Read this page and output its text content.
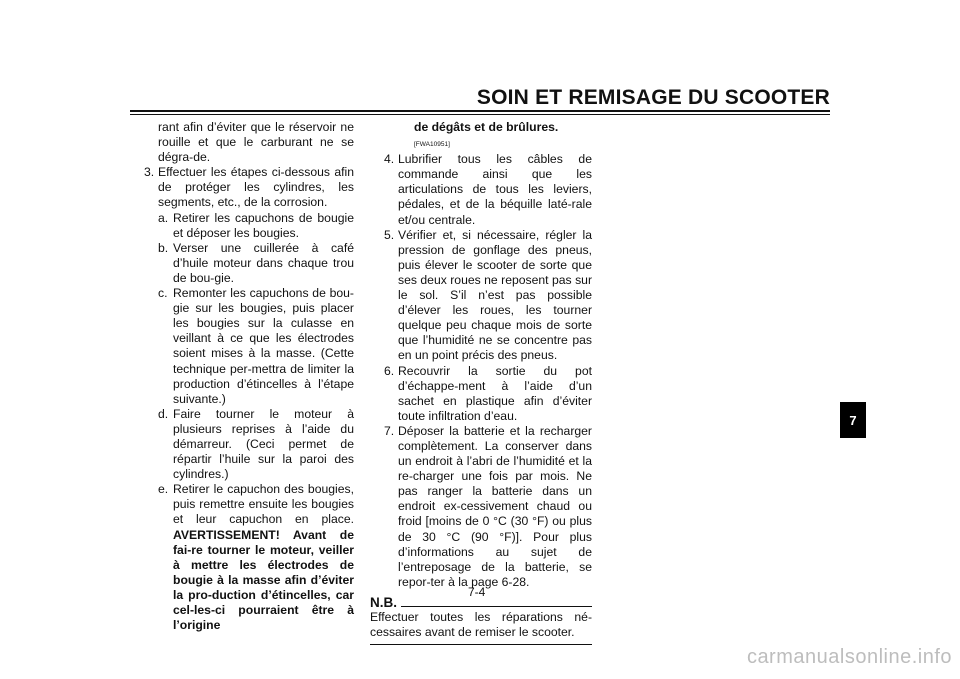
SOIN ET REMISAGE DU SCOOTER
rant afin d’éviter que le réservoir ne rouille et que le carburant ne se dégra-de.
3. Effectuer les étapes ci-dessous afin de protéger les cylindres, les segments, etc., de la corrosion.
a. Retirer les capuchons de bougie et déposer les bougies.
b. Verser une cuillerée à café d’huile moteur dans chaque trou de bou-gie.
c. Remonter les capuchons de bou-gie sur les bougies, puis placer les bougies sur la culasse en veillant à ce que les électrodes soient mises à la masse. (Cette technique per-mettra de limiter la production d’étincelles à l’étape suivante.)
d. Faire tourner le moteur à plusieurs reprises à l’aide du démarreur. (Ceci permet de répartir l’huile sur la paroi des cylindres.)
e. Retirer le capuchon des bougies, puis remettre ensuite les bougies et leur capuchon en place. AVERTISSEMENT! Avant de fai-re tourner le moteur, veiller à mettre les électrodes de bougie à la masse afin d’éviter la pro-duction d’étincelles, car cel-les-ci pourraient être à l’origine
de dégâts et de brûlures.[FWA10951]
4. Lubrifier tous les câbles de commande ainsi que les articulations de tous les leviers, pédales, et de la béquille laté-rale et/ou centrale.
5. Vérifier et, si nécessaire, régler la pression de gonflage des pneus, puis élever le scooter de sorte que ses deux roues ne reposent pas sur le sol. S’il n’est pas possible d’élever les roues, les tourner quelque peu chaque mois de sorte que l’humidité ne se concentre pas en un point précis des pneus.
6. Recouvrir la sortie du pot d’échappe-ment à l’aide d’un sachet en plastique afin d’éviter toute infiltration d’eau.
7. Déposer la batterie et la recharger complètement. La conserver dans un endroit à l’abri de l’humidité et la re-charger une fois par mois. Ne pas ranger la batterie dans un endroit ex-cessivement chaud ou froid [moins de 0 °C (30 °F) ou plus de 30 °C (90 °F)]. Pour plus d’informations au sujet de l’entreposage de la batterie, se repor-ter à la page 6-28.
N.B.
Effectuer toutes les réparations né-cessaires avant de remiser le scooter.
7-4
7
carmanualsonline.info
